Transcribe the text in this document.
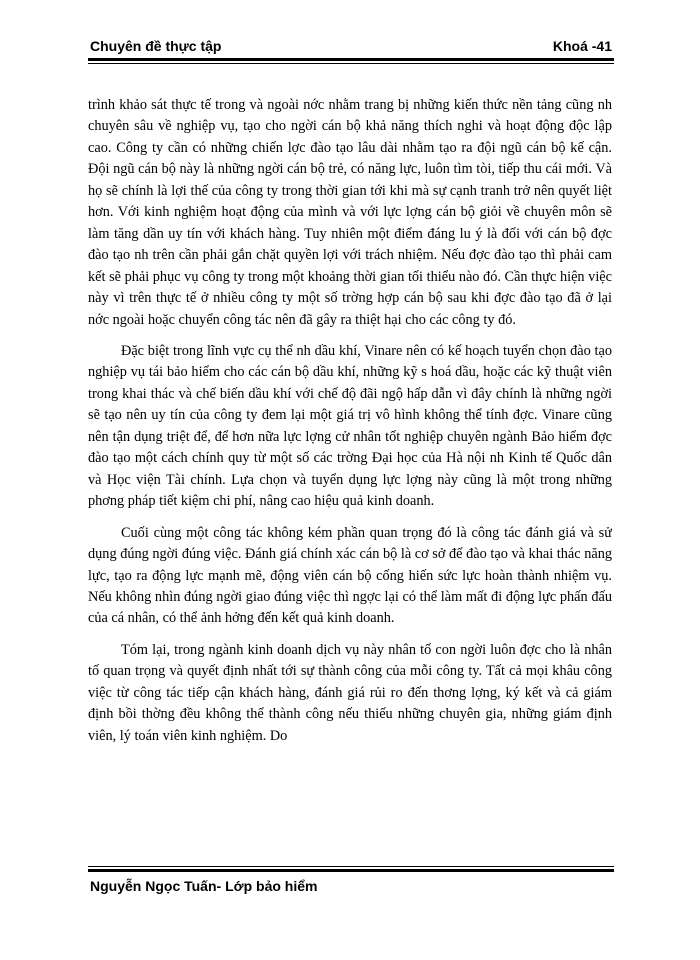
Chuyên đề thực tập	Khoá -41

trình khảo sát thực tế trong và ngoài nớc nhằm trang bị những kiến thức nền tảng cũng nh chuyên sâu về nghiệp vụ, tạo cho ngời cán bộ khả năng thích nghi và hoạt động độc lập cao. Công ty cần có những chiến lợc đào tạo lâu dài nhằm tạo ra đội ngũ cán bộ kế cận. Đội ngũ cán bộ này là những ngời cán bộ trẻ, có năng lực, luôn tìm tòi, tiếp thu cái mới. Và họ sẽ chính là lợi thế của công ty trong thời gian tới khi mà sự cạnh tranh trở nên quyết liệt hơn. Với kinh nghiệm hoạt động của mình và với lực lợng cán bộ giỏi về chuyên môn sẽ làm tăng dần uy tín với khách hàng. Tuy nhiên một điểm đáng lu ý là đối với cán bộ đợc đào tạo nh trên cần phải gắn chặt quyền lợi với trách nhiệm. Nếu đợc đào tạo thì phải cam kết sẽ phải phục vụ công ty trong một khoảng thời gian tối thiểu nào đó. Cần thực hiện việc này vì trên thực tế ở nhiều công ty một số trờng hợp cán bộ sau khi đợc đào tạo đã ở lại nớc ngoài hoặc chuyển công tác nên đã gây ra thiệt hại cho các công ty đó.

Đặc biệt trong lĩnh vực cụ thể nh dầu khí, Vinare nên có kế hoạch tuyển chọn đào tạo nghiệp vụ tái bảo hiểm cho các cán bộ dầu khí, những kỹ s hoá dầu, hoặc các kỹ thuật viên trong khai thác và chế biến dầu khí với chế độ đãi ngộ hấp dẫn vì đây chính là những ngời sẽ tạo nên uy tín của công ty đem lại một giá trị vô hình không thể tính đợc. Vinare cũng nên tận dụng triệt để, để hơn nữa lực lợng cử nhân tốt nghiệp chuyên ngành Bảo hiểm đợc đào tạo một cách chính quy từ một số các trờng Đại học của Hà nội nh Kinh tế Quốc dân và Học viện Tài chính. Lựa chọn và tuyển dụng lực lợng này cũng là một trong những phơng pháp tiết kiệm chi phí, nâng cao hiệu quả kinh doanh.

Cuối cùng một công tác không kém phần quan trọng đó là công tác đánh giá và sử dụng đúng ngời đúng việc. Đánh giá chính xác cán bộ là cơ sở để đào tạo và khai thác năng lực, tạo ra động lực mạnh mẽ, động viên cán bộ cống hiến sức lực hoàn thành nhiệm vụ. Nếu không nhìn đúng ngời giao đúng việc thì ngợc lại có thể làm mất đi động lực phấn đấu của cá nhân, có thể ảnh hởng đến kết quả kinh doanh.

Tóm lại, trong ngành kinh doanh dịch vụ này nhân tố con ngời luôn đợc cho là nhân tố quan trọng và quyết định nhất tới sự thành công của mỗi công ty. Tất cả mọi khâu công việc từ công tác tiếp cận khách hàng, đánh giá rủi ro đến thơng lợng, ký kết và cả giám định bồi thờng đều không thể thành công nếu thiếu những chuyên gia, những giám định viên, lý toán viên kinh nghiệm. Do

Nguyễn Ngọc Tuấn- Lớp bảo hiểm
